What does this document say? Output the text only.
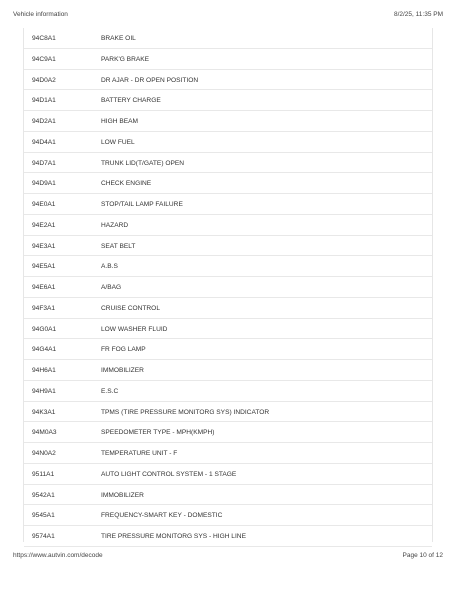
Vehicle information	8/2/25, 11:35 PM
94C8A1	BRAKE OIL
94C9A1	PARK'G BRAKE
94D0A2	DR AJAR - DR OPEN POSITION
94D1A1	BATTERY CHARGE
94D2A1	HIGH BEAM
94D4A1	LOW FUEL
94D7A1	TRUNK LID(T/GATE) OPEN
94D9A1	CHECK ENGINE
94E0A1	STOP/TAIL LAMP FAILURE
94E2A1	HAZARD
94E3A1	SEAT BELT
94E5A1	A.B.S
94E6A1	A/BAG
94F3A1	CRUISE CONTROL
94G0A1	LOW WASHER FLUID
94G4A1	FR FOG LAMP
94H6A1	IMMOBILIZER
94H9A1	E.S.C
94K3A1	TPMS (TIRE PRESSURE MONITORG SYS) INDICATOR
94M0A3	SPEEDOMETER TYPE - MPH(KMPH)
94N0A2	TEMPERATURE UNIT - F
9511A1	AUTO LIGHT CONTROL SYSTEM - 1 STAGE
9542A1	IMMOBILIZER
9545A1	FREQUENCY-SMART KEY - DOMESTIC
9574A1	TIRE PRESSURE MONITORG SYS - HIGH LINE
https://www.autvin.com/decode	Page 10 of 12
